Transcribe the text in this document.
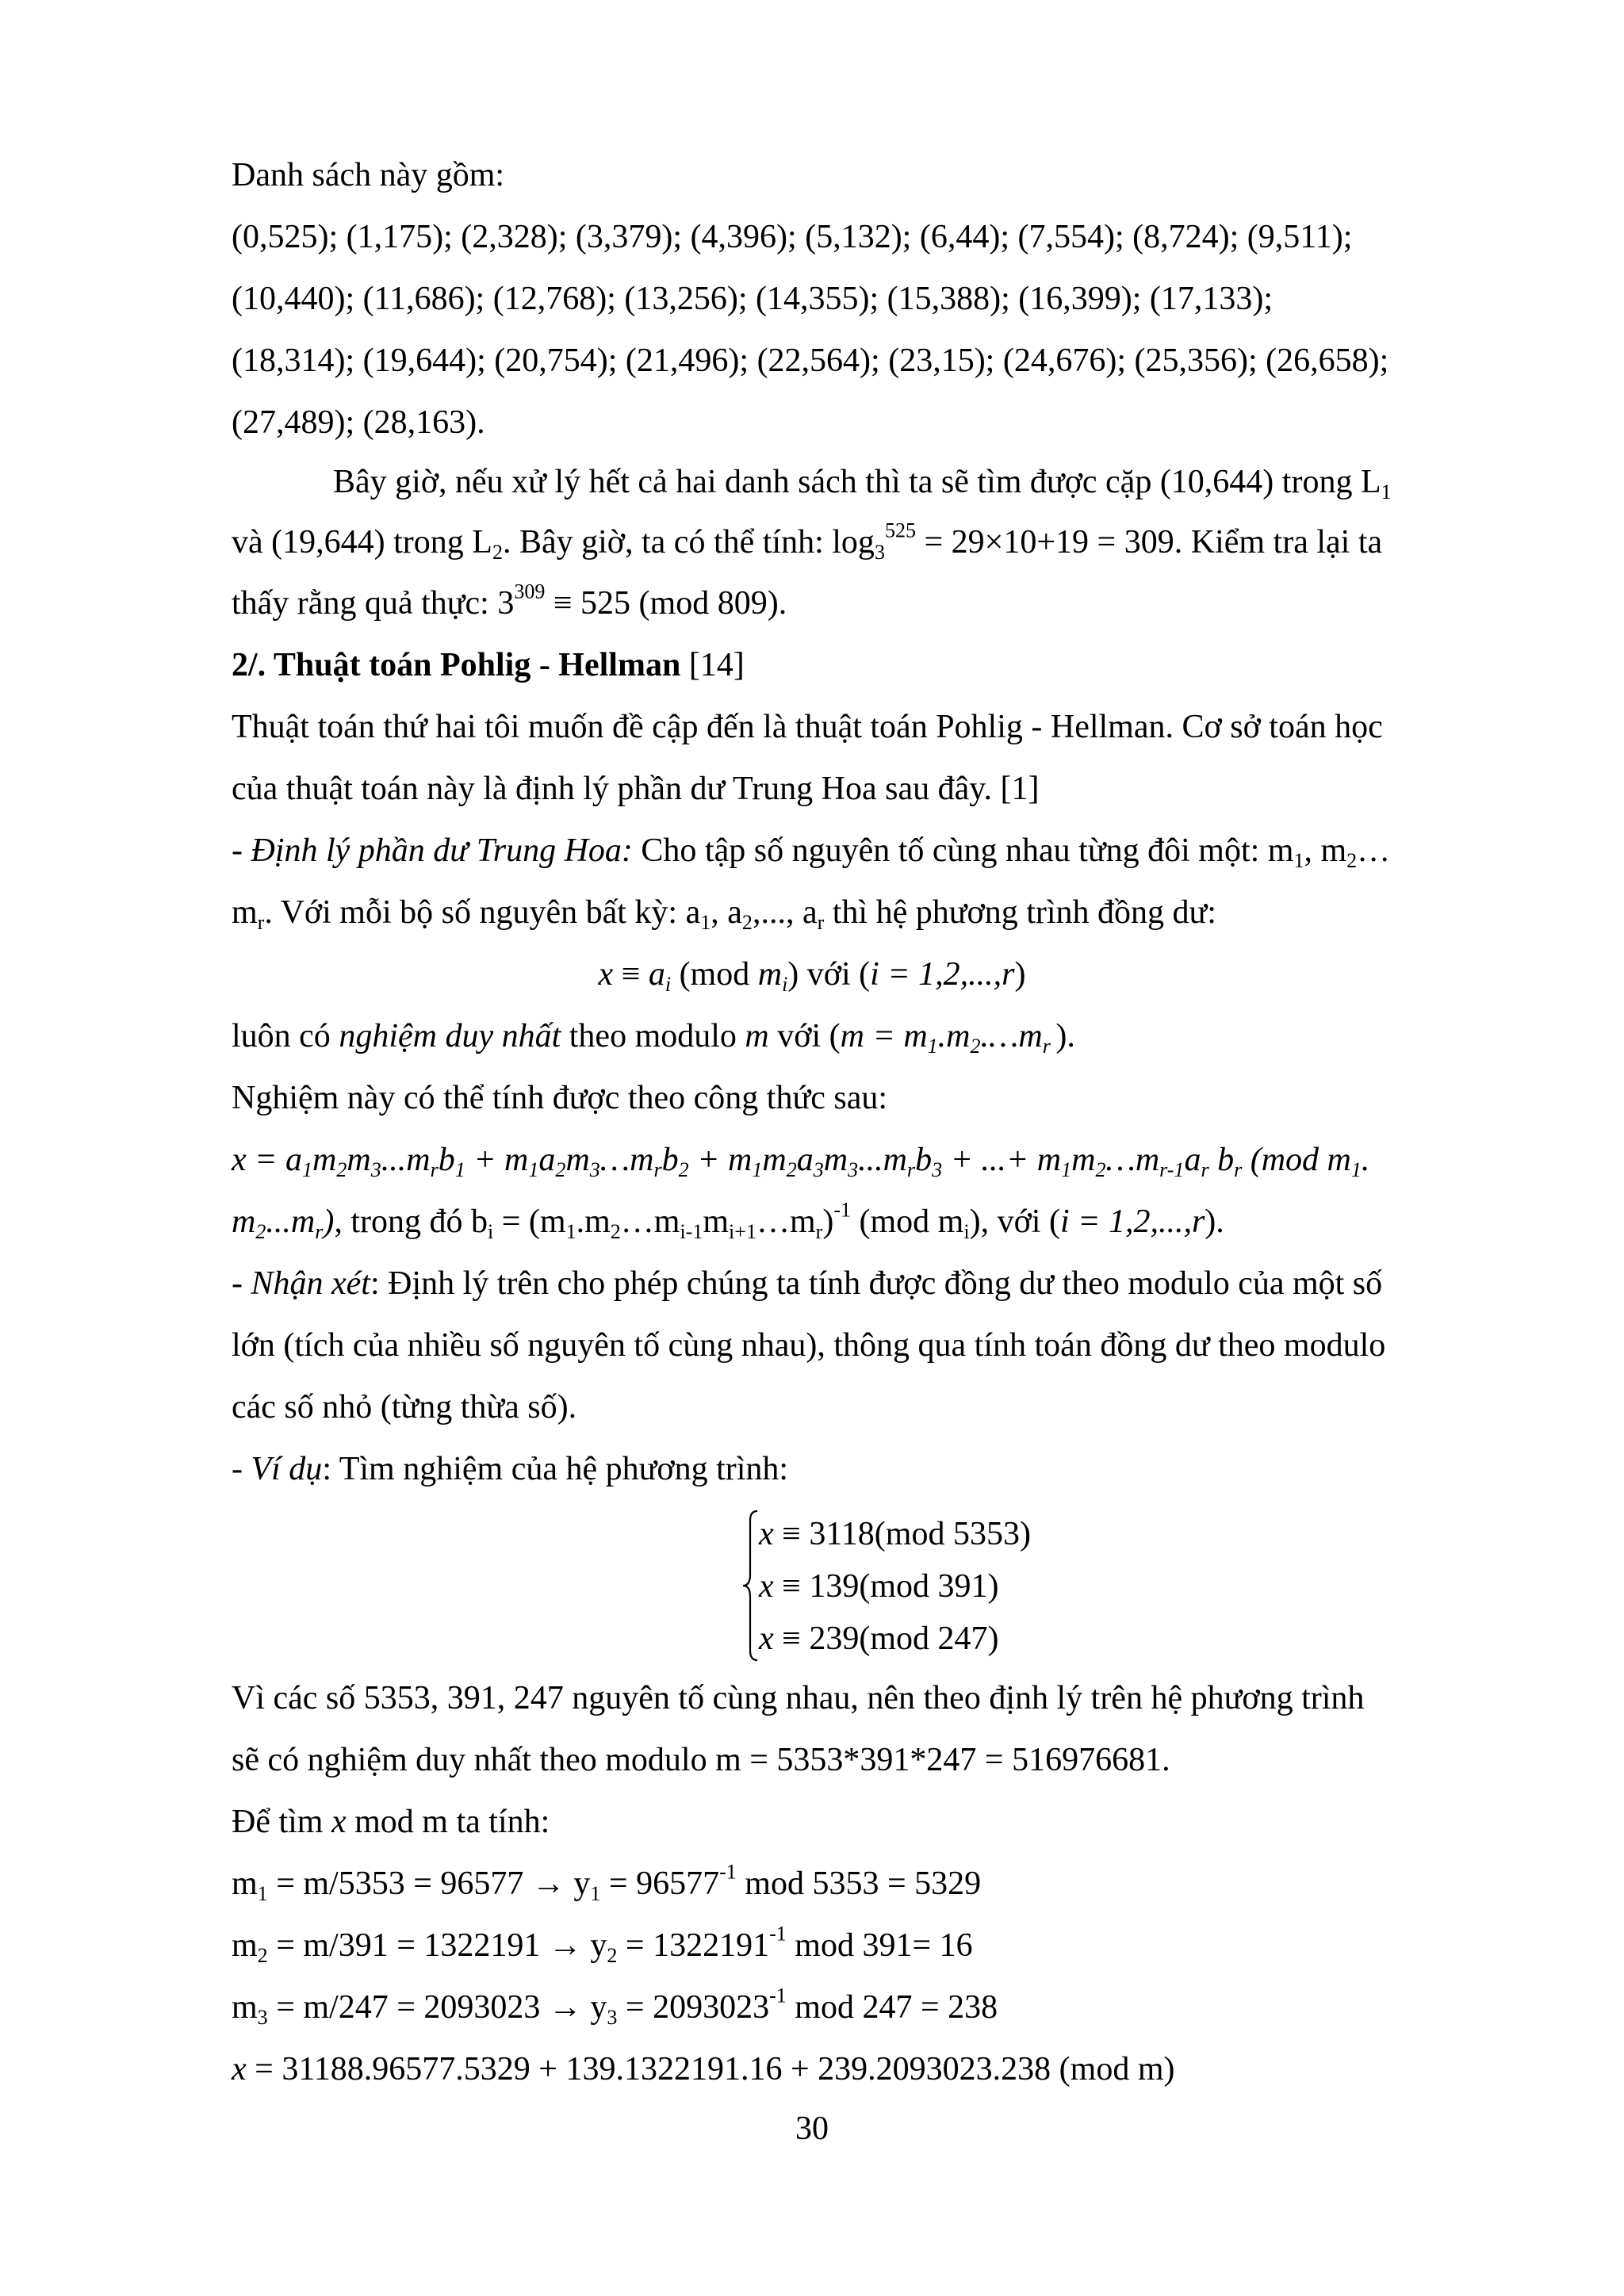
Danh sách này gồm:
(0,525); (1,175); (2,328); (3,379); (4,396); (5,132); (6,44); (7,554); (8,724); (9,511);
(10,440); (11,686); (12,768); (13,256); (14,355); (15,388); (16,399); (17,133);
(18,314); (19,644); (20,754); (21,496); (22,564); (23,15); (24,676); (25,356); (26,658);
(27,489); (28,163).
Bây giờ, nếu xử lý hết cả hai danh sách thì ta sẽ tìm được cặp (10,644) trong $L_1$
và (19,644) trong $L_2$. Bây giờ, ta có thể tính: $\log_3^{525} = 29\times 10+19 = 309$. Kiểm tra lại ta
thấy rằng quả thực: $3^{309} \equiv 525$ (mod 809).
2/. Thuật toán Pohlig - Hellman [14]
Thuật toán thứ hai tôi muốn đề cập đến là thuật toán Pohlig - Hellman. Cơ sở toán học
của thuật toán này là định lý phần dư Trung Hoa sau đây. [1]
- Định lý phần dư Trung Hoa: Cho tập số nguyên tố cùng nhau từng đôi một: $m_1$, $m_2\dots$
$m_r$. Với mỗi bộ số nguyên bất kỳ: $a_1$, $a_2$,..., $a_r$ thì hệ phương trình đồng dư:
$x \equiv a_i$ (mod $m_i$) với (i = 1,2,...,r)
luôn có nghiệm duy nhất theo modulo m với ($m = m_1.m_2.\dots m_r$ ).
Nghiệm này có thể tính được theo công thức sau:
$x = a_1m_2m_3...m_rb_1$ + $m_1a_2m_3\dots m_rb_2 + m_1m_2a_3m_3...m_rb_3$ + ...+ $m_1m_2\dots m_{r-1}a_r$ $b_r$ (mod $m_1$.
$m_2...m_r$), trong đó $b_i$ = $(m_1.m_2\dots m_{i-1}m_{i+1}\dots m_r)^{-1}$ (mod $m_i$), với (i = 1,2,...,r).
- Nhận xét: Định lý trên cho phép chúng ta tính được đồng dư theo modulo của một số
lớn (tích của nhiều số nguyên tố cùng nhau), thông qua tính toán đồng dư theo modulo
các số nhỏ (từng thừa số).
- Ví dụ: Tìm nghiệm của hệ phương trình:
x ≡ 3118(mod 5353)
x ≡ 139(mod 391)
x ≡ 239(mod 247)
Vì các số 5353, 391, 247 nguyên tố cùng nhau, nên theo định lý trên hệ phương trình
sẽ có nghiệm duy nhất theo modulo m = 5353*391*247 = 516976681.
Để tìm x mod m ta tính:
$m_1 = m/5353 = 96577 \to y_1 = 96577^{-1}$ mod 5353 = 5329
$m_2 = m/391 = 1322191 \to y_2 = 1322191^{-1}$ mod 391= 16
$m_3 = m/247 = 2093023 \to y_3 = 2093023^{-1}$ mod 247 = 238
x = 31188.96577.5329 + 139.1322191.16 + 239.2093023.238 (mod m)
30
